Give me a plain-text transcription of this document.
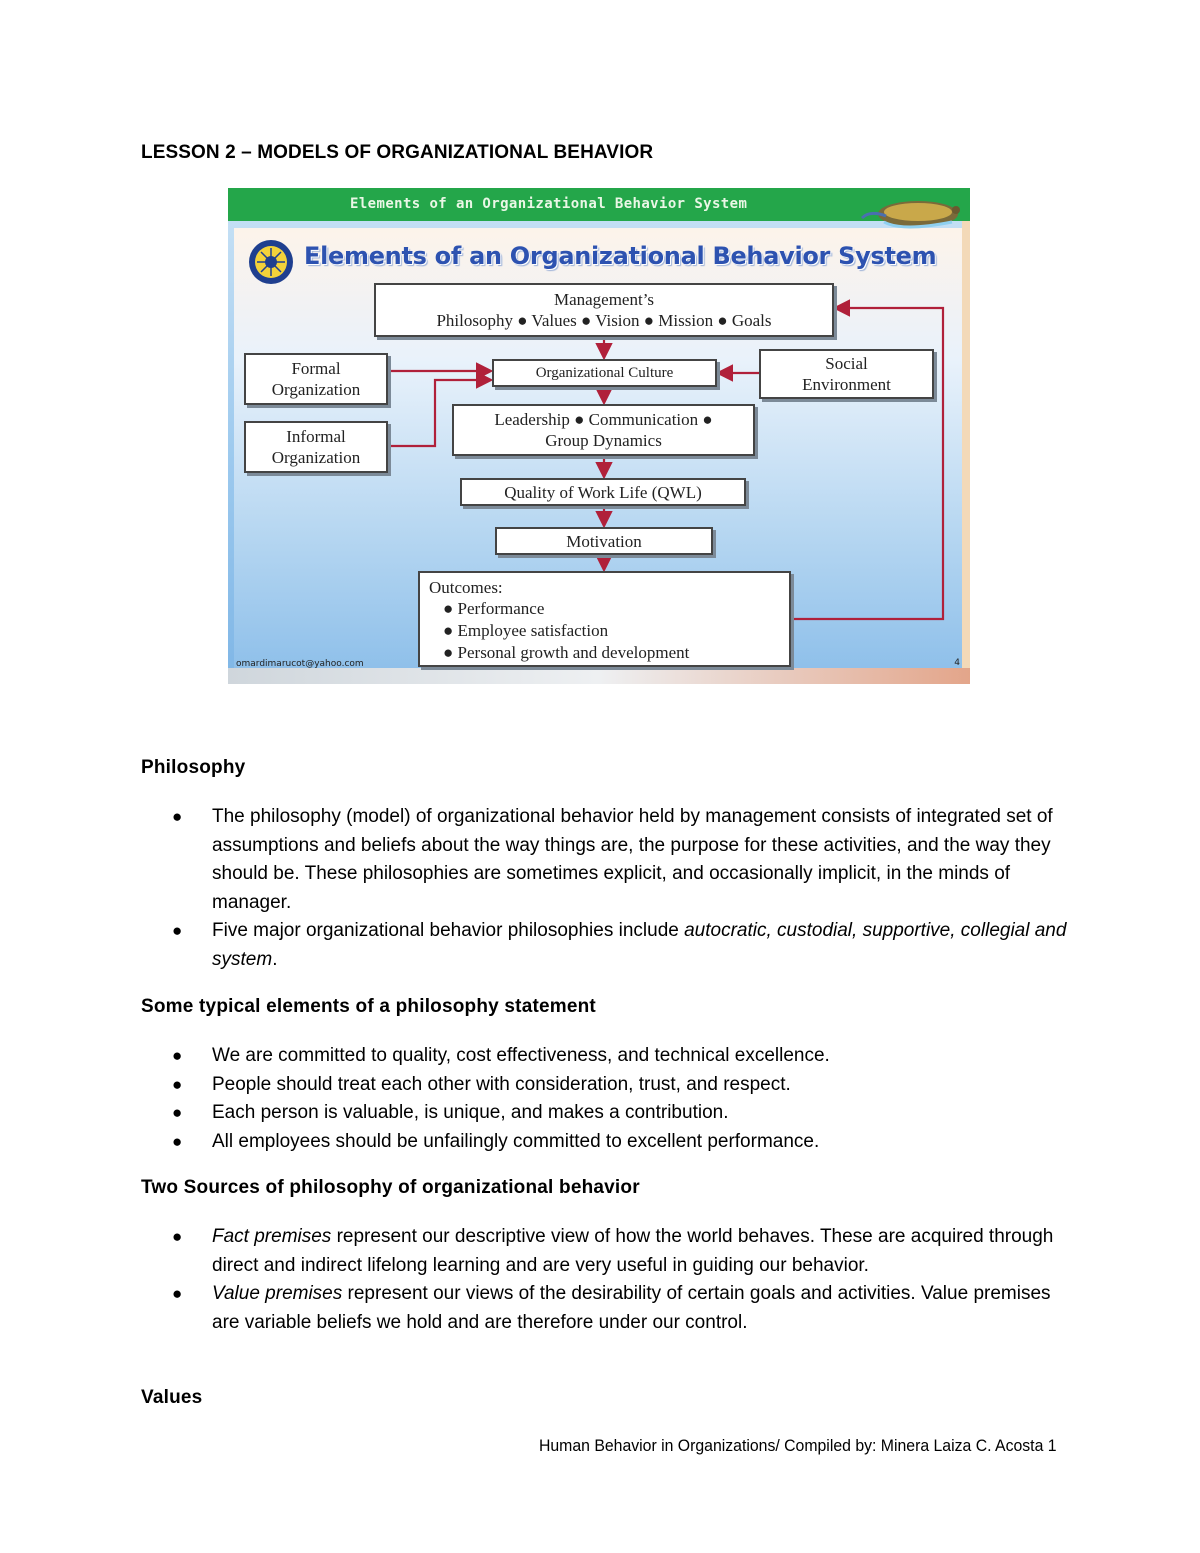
LESSON 2 – MODELS OF ORGANIZATIONAL BEHAVIOR
Elements of an Organizational Behavior System
Elements of an Organizational Behavior System
Management’s
Philosophy ● Values ● Vision ● Mission ● Goals
Organizational Culture
Formal
Organization
Informal
Organization
Social
Environment
Leadership ● Communication ●
Group Dynamics
Quality of Work Life (QWL)
Motivation
Outcomes:
● Performance
● Employee satisfaction
● Personal growth and development
omardimarucot@yahoo.com	4
Philosophy
● The philosophy (model) of organizational behavior held by management consists of integrated set of assumptions and beliefs about the way things are, the purpose for these activities, and the way they should be. These philosophies are sometimes explicit, and occasionally implicit, in the minds of manager.
● Five major organizational behavior philosophies include autocratic, custodial, supportive, collegial and system.
Some typical elements of a philosophy statement
● We are committed to quality, cost effectiveness, and technical excellence.
● People should treat each other with consideration, trust, and respect.
● Each person is valuable, is unique, and makes a contribution.
● All employees should be unfailingly committed to excellent performance.
Two Sources of philosophy of organizational behavior
● Fact premises represent our descriptive view of how the world behaves. These are acquired through direct and indirect lifelong learning and are very useful in guiding our behavior.
● Value premises represent our views of the desirability of certain goals and activities. Value premises are variable beliefs we hold and are therefore under our control.
Values
Human Behavior in Organizations/ Compiled by: Minera Laiza C. Acosta 1
